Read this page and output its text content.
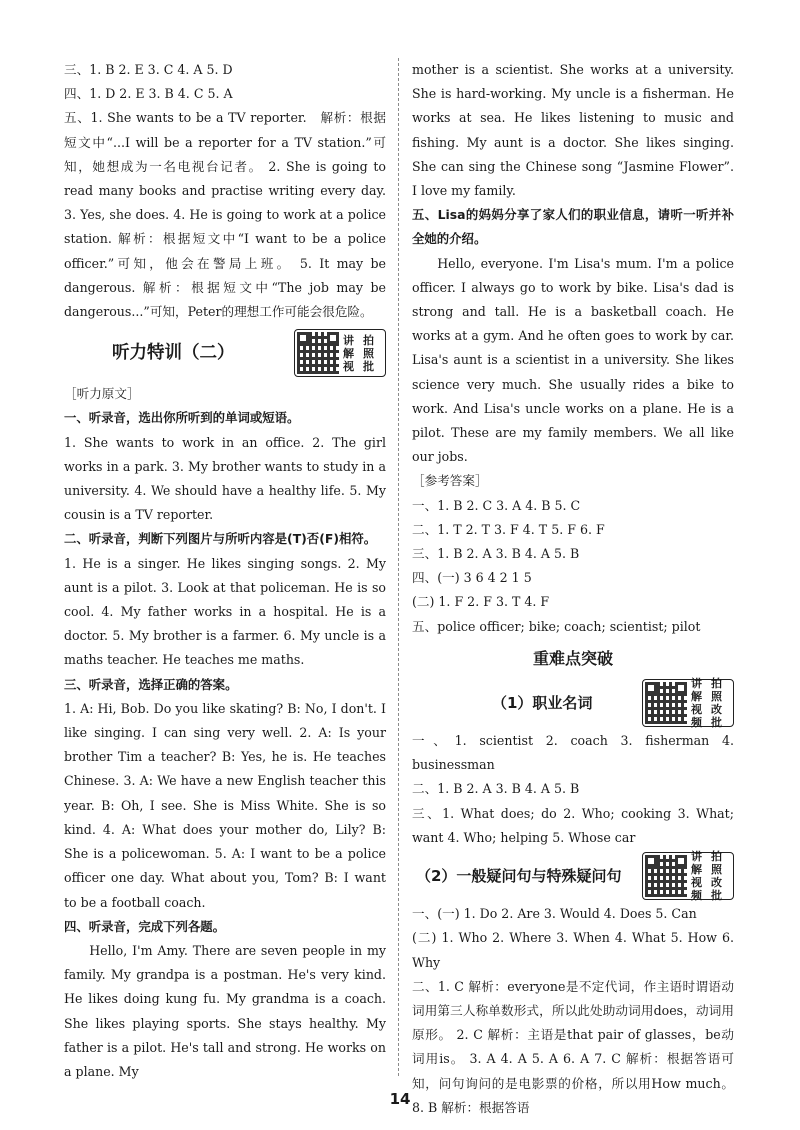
三、1. B 2. E 3. C 4. A 5. D

四、1. D 2. E 3. B 4. C 5. A

五、1. She wants to be a TV reporter.　解析：根据短文中“...I will be a reporter for a TV station.”可知，她想成为一名电视台记者。 2. She is going to read many books and practise writing every day. 3. Yes, she does. 4. He is going to work at a police station. 解析：根据短文中“I want to be a police officer.”可知，他会在警局上班。 5. It may be dangerous. 解析：根据短文中“The job may be dangerous...”可知，Peter的理想工作可能会很危险。

听力特训（二）
讲 拍
解 照
视 批

［听力原文］

一、听录音，选出你所听到的单词或短语。

1. She wants to work in an office. 2. The girl works in a park. 3. My brother wants to study in a university. 4. We should have a healthy life. 5. My cousin is a TV reporter.

二、听录音，判断下列图片与所听内容是(T)否(F)相符。

1. He is a singer. He likes singing songs. 2. My aunt is a pilot. 3. Look at that policeman. He is so cool. 4. My father works in a hospital. He is a doctor. 5. My brother is a farmer. 6. My uncle is a maths teacher. He teaches me maths.

三、听录音，选择正确的答案。

1. A: Hi, Bob. Do you like skating? B: No, I don't. I like singing. I can sing very well. 2. A: Is your brother Tim a teacher? B: Yes, he is. He teaches Chinese. 3. A: We have a new English teacher this year. B: Oh, I see. She is Miss White. She is so kind. 4. A: What does your mother do, Lily? B: She is a policewoman. 5. A: I want to be a police officer one day. What about you, Tom? B: I want to be a football coach.

四、听录音，完成下列各题。

Hello, I'm Amy. There are seven people in my family. My grandpa is a postman. He's very kind. He likes doing kung fu. My grandma is a coach. She likes playing sports. She stays healthy. My father is a pilot. He's tall and strong. He works on a plane. My

mother is a scientist. She works at a university. She is hard-working. My uncle is a fisherman. He works at sea. He likes listening to music and fishing. My aunt is a doctor. She likes singing. She can sing the Chinese song “Jasmine Flower”. I love my family.

五、Lisa的妈妈分享了家人们的职业信息，请听一听并补全她的介绍。

Hello, everyone. I'm Lisa's mum. I'm a police officer. I always go to work by bike. Lisa's dad is strong and tall. He is a basketball coach. He works at a gym. And he often goes to work by car. Lisa's aunt is a scientist in a university. She likes science very much. She usually rides a bike to work. And Lisa's uncle works on a plane. He is a pilot. These are my family members. We all like our jobs.

［参考答案］

一、1. B 2. C 3. A 4. B 5. C

二、1. T 2. T 3. F 4. T 5. F 6. F

三、1. B 2. A 3. B 4. A 5. B

四、(一) 3 6 4 2 1 5

(二) 1. F 2. F 3. T 4. F

五、police officer; bike; coach; scientist; pilot

重难点突破
（1）职业名词
讲 拍
解 照
视 改
频 批

一、1. scientist 2. coach 3. fisherman 4. businessman

二、1. B 2. A 3. B 4. A 5. B

三、1. What does; do 2. Who; cooking 3. What; want 4. Who; helping 5. Whose car

（2）一般疑问句与特殊疑问句
讲 拍
解 照
视 改
频 批

一、(一) 1. Do 2. Are 3. Would 4. Does 5. Can

(二) 1. Who 2. Where 3. When 4. What 5. How 6. Why

二、1. C 解析：everyone是不定代词，作主语时谓语动词用第三人称单数形式，所以此处助动词用does，动词用原形。 2. C 解析：主语是that pair of glasses，be动词用is。 3. A 4. A 5. A 6. A 7. C 解析：根据答语可知，问句询问的是电影票的价格，所以用How much。 8. B 解析：根据答语

14
